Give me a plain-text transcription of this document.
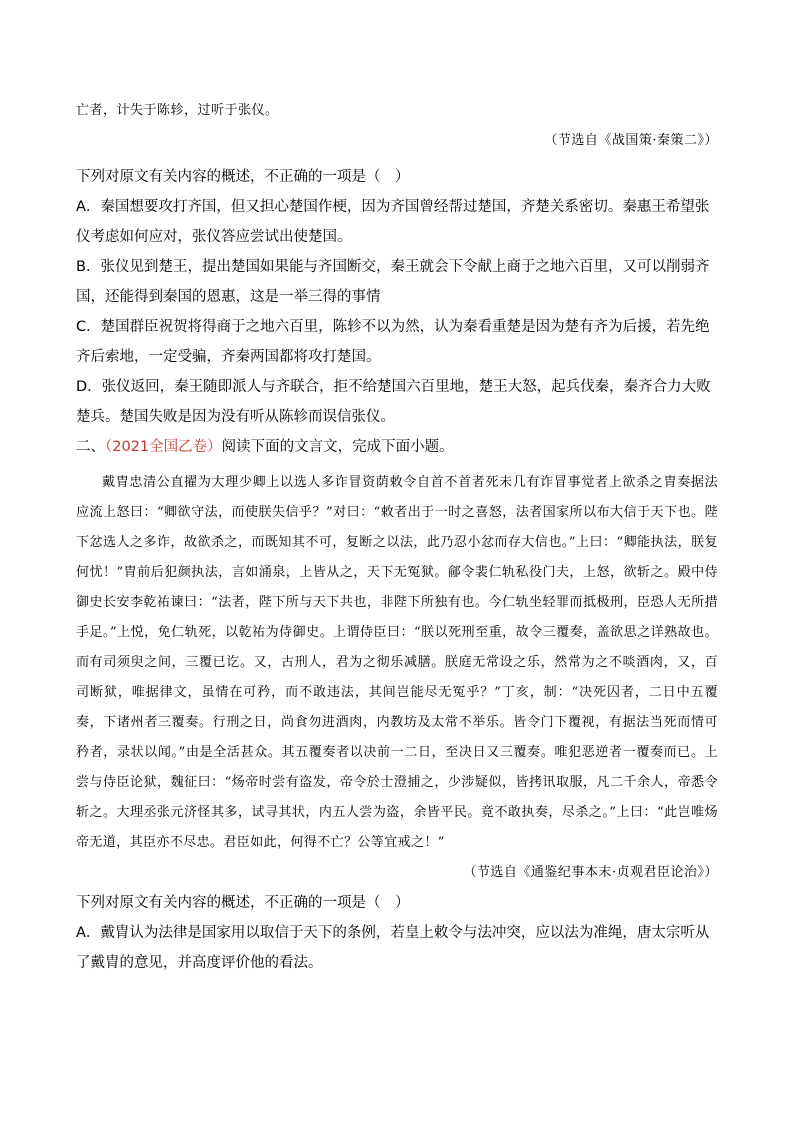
亡者，计失于陈轸，过听于张仪。

（节选自《战国策·秦策二》）

下列对原文有关内容的概述，不正确的一项是（　）

A．秦国想要攻打齐国，但又担心楚国作梗，因为齐国曾经帮过楚国，齐楚关系密切。秦惠王希望张仪考虑如何应对，张仪答应尝试出使楚国。

B．张仪见到楚王，提出楚国如果能与齐国断交，秦王就会下令献上商于之地六百里，又可以削弱齐国，还能得到秦国的恩惠，这是一举三得的事情

C．楚国群臣祝贺将得商于之地六百里，陈轸不以为然，认为秦看重楚是因为楚有齐为后援，若先绝齐后索地，一定受骗，齐秦两国都将攻打楚国。

D．张仪返回，秦王随即派人与齐联合，拒不给楚国六百里地，楚王大怒，起兵伐秦，秦齐合力大败楚兵。楚国失败是因为没有听从陈轸而误信张仪。

二、（2021全国乙卷）阅读下面的文言文，完成下面小题。

戴胄忠清公直擢为大理少卿上以选人多诈冒资荫敕令自首不首者死未几有诈冒事觉者上欲杀之胄奏据法应流上怒曰：“卿欲守法，而使朕失信乎？”对曰：“敕者出于一时之喜怒，法者国家所以布大信于天下也。陛下忿选人之多诈，故欲杀之，而既知其不可，复断之以法，此乃忍小忿而存大信也。”上曰：“卿能执法，朕复何忧！”胄前后犯颜执法，言如涌泉，上皆从之，天下无冤狱。鄃令裴仁轨私役门夫，上怒，欲斩之。殿中侍御史长安李乾祐谏曰：“法者，陛下所与天下共也，非陛下所独有也。今仁轨坐轻罪而抵极刑，臣恐人无所措手足。”上悦，免仁轨死，以乾祐为侍御史。上谓侍臣曰：“朕以死刑至重，故令三覆奏，盖欲思之详熟故也。而有司须臾之间，三覆已讫。又，古刑人，君为之彻乐减膳。朕庭无常设之乐，然常为之不啖酒肉，又，百司断狱，唯据律文，虽情在可矜，而不敢违法，其间岂能尽无冤乎？”丁亥，制：“决死囚者，二日中五覆奏，下诸州者三覆奏。行刑之日，尚食勿进酒肉，内教坊及太常不举乐。皆令门下覆视，有据法当死而情可矜者，录状以闻。”由是全活甚众。其五覆奏者以决前一二日，至决日又三覆奏。唯犯恶逆者一覆奏而已。上尝与侍臣论狱，魏征曰：“炀帝时尝有盗发，帝令於士澄捕之，少涉疑似，皆拷讯取服，凡二千余人，帝悉令斩之。大理丞张元济怪其多，试寻其状，内五人尝为盗，余皆平民。竟不敢执奏，尽杀之。”上曰：“此岂唯炀帝无道，其臣亦不尽忠。君臣如此，何得不亡？公等宜戒之！”

（节选自《通鉴纪事本末·贞观君臣论治》）

下列对原文有关内容的概述，不正确的一项是（　）

A．戴胄认为法律是国家用以取信于天下的条例，若皇上敕令与法冲突，应以法为准绳，唐太宗听从了戴胄的意见，并高度评价他的看法。
